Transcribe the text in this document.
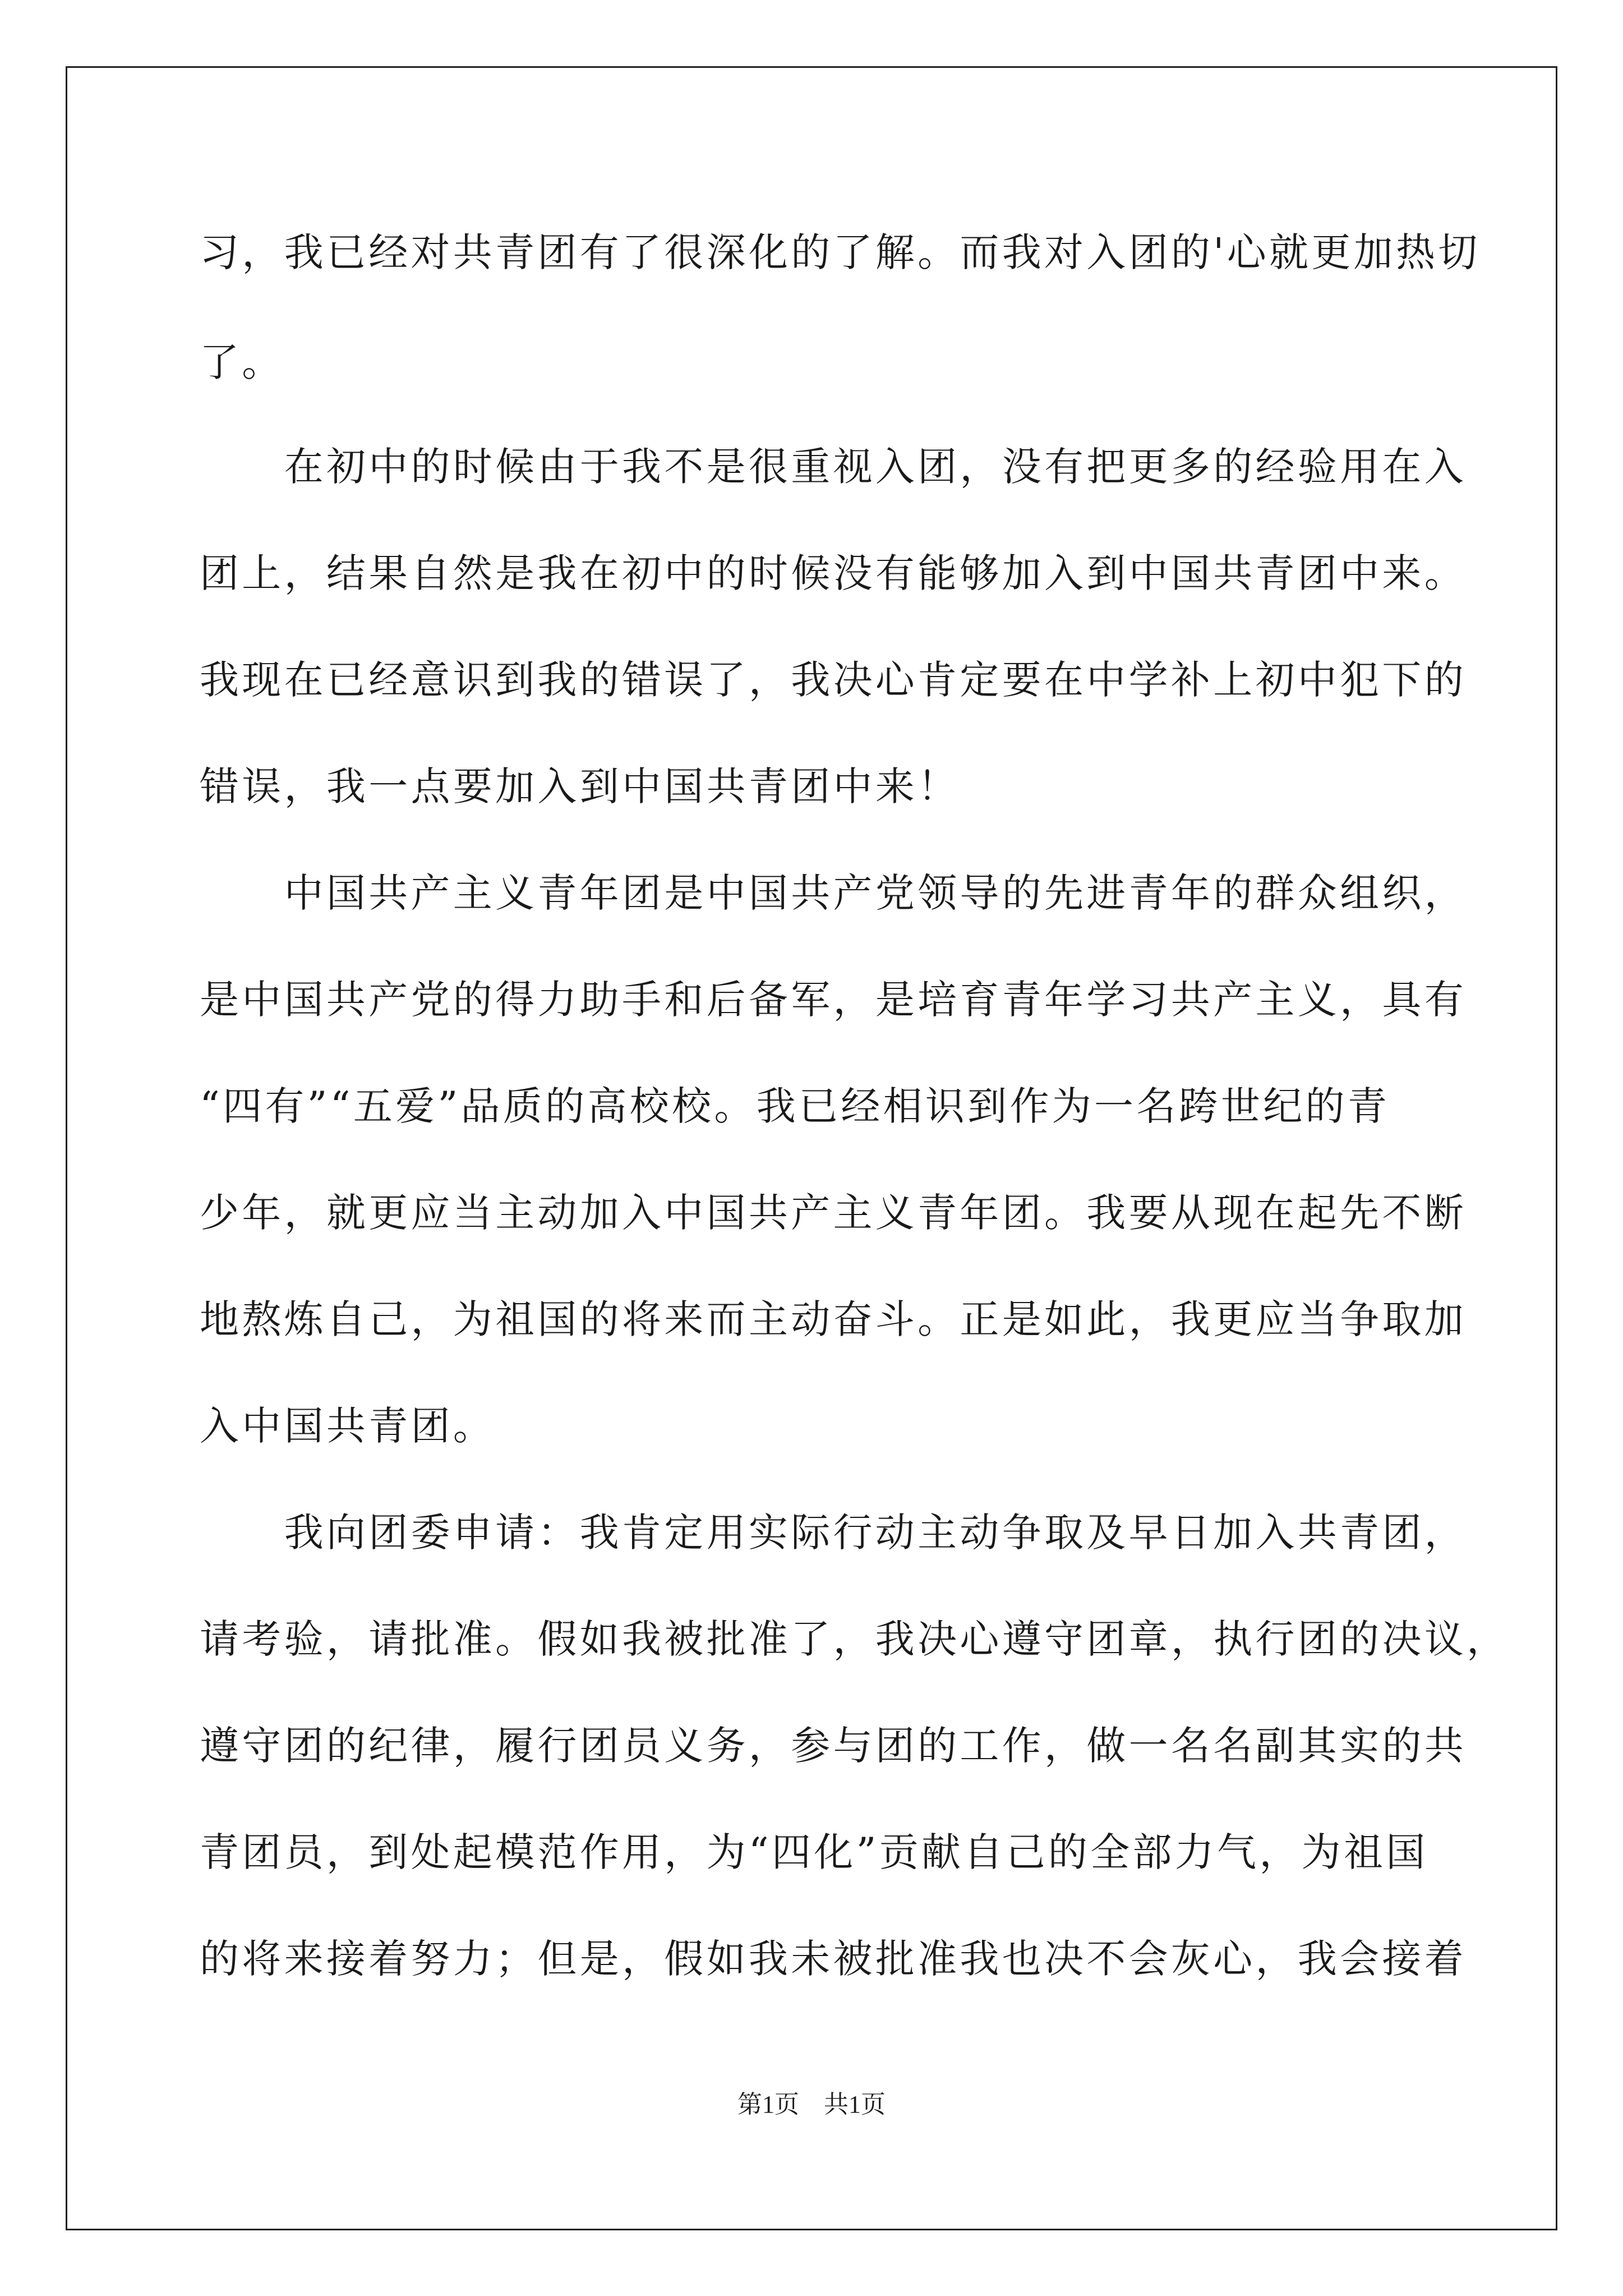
习，我已经对共青团有了很深化的了解。而我对入团的'心就更加热切
了。
　　在初中的时候由于我不是很重视入团，没有把更多的经验用在入
团上，结果自然是我在初中的时候没有能够加入到中国共青团中来。
我现在已经意识到我的错误了，我决心肯定要在中学补上初中犯下的
错误，我一点要加入到中国共青团中来！
　　中国共产主义青年团是中国共产党领导的先进青年的群众组织，
是中国共产党的得力助手和后备军，是培育青年学习共产主义，具有
“四有”“五爱”品质的高校校。我已经相识到作为一名跨世纪的青
少年，就更应当主动加入中国共产主义青年团。我要从现在起先不断
地熬炼自己，为祖国的将来而主动奋斗。正是如此，我更应当争取加
入中国共青团。
　　我向团委申请：我肯定用实际行动主动争取及早日加入共青团，
请考验，请批准。假如我被批准了，我决心遵守团章，执行团的决议，
遵守团的纪律，履行团员义务，参与团的工作，做一名名副其实的共
青团员，到处起模范作用，为“四化”贡献自己的全部力气，为祖国
的将来接着努力；但是，假如我未被批准我也决不会灰心，我会接着
第1页　共1页
